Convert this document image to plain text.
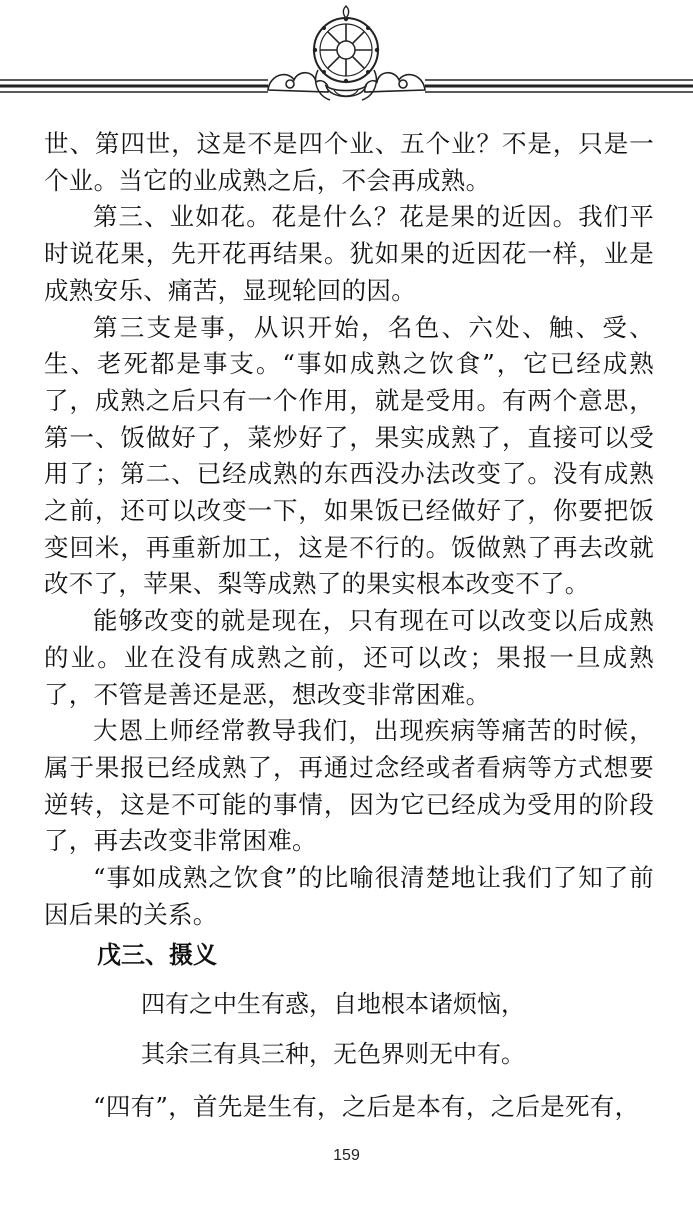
世、第四世，这是不是四个业、五个业？不是，只是一个业。当它的业成熟之后，不会再成熟。

第三、业如花。花是什么？花是果的近因。我们平时说花果，先开花再结果。犹如果的近因花一样，业是成熟安乐、痛苦，显现轮回的因。

第三支是事，从识开始，名色、六处、触、受、生、老死都是事支。“事如成熟之饮食”，它已经成熟了，成熟之后只有一个作用，就是受用。有两个意思，第一、饭做好了，菜炒好了，果实成熟了，直接可以受用了；第二、已经成熟的东西没办法改变了。没有成熟之前，还可以改变一下，如果饭已经做好了，你要把饭变回米，再重新加工，这是不行的。饭做熟了再去改就改不了，苹果、梨等成熟了的果实根本改变不了。

能够改变的就是现在，只有现在可以改变以后成熟的业。业在没有成熟之前，还可以改；果报一旦成熟了，不管是善还是恶，想改变非常困难。

大恩上师经常教导我们，出现疾病等痛苦的时候，属于果报已经成熟了，再通过念经或者看病等方式想要逆转，这是不可能的事情，因为它已经成为受用的阶段了，再去改变非常困难。

“事如成熟之饮食”的比喻很清楚地让我们了知了前因后果的关系。

戊三、摄义
四有之中生有惑，自地根本诸烦恼，
其余三有具三种，无色界则无中有。

“四有”，首先是生有，之后是本有，之后是死有，

159
